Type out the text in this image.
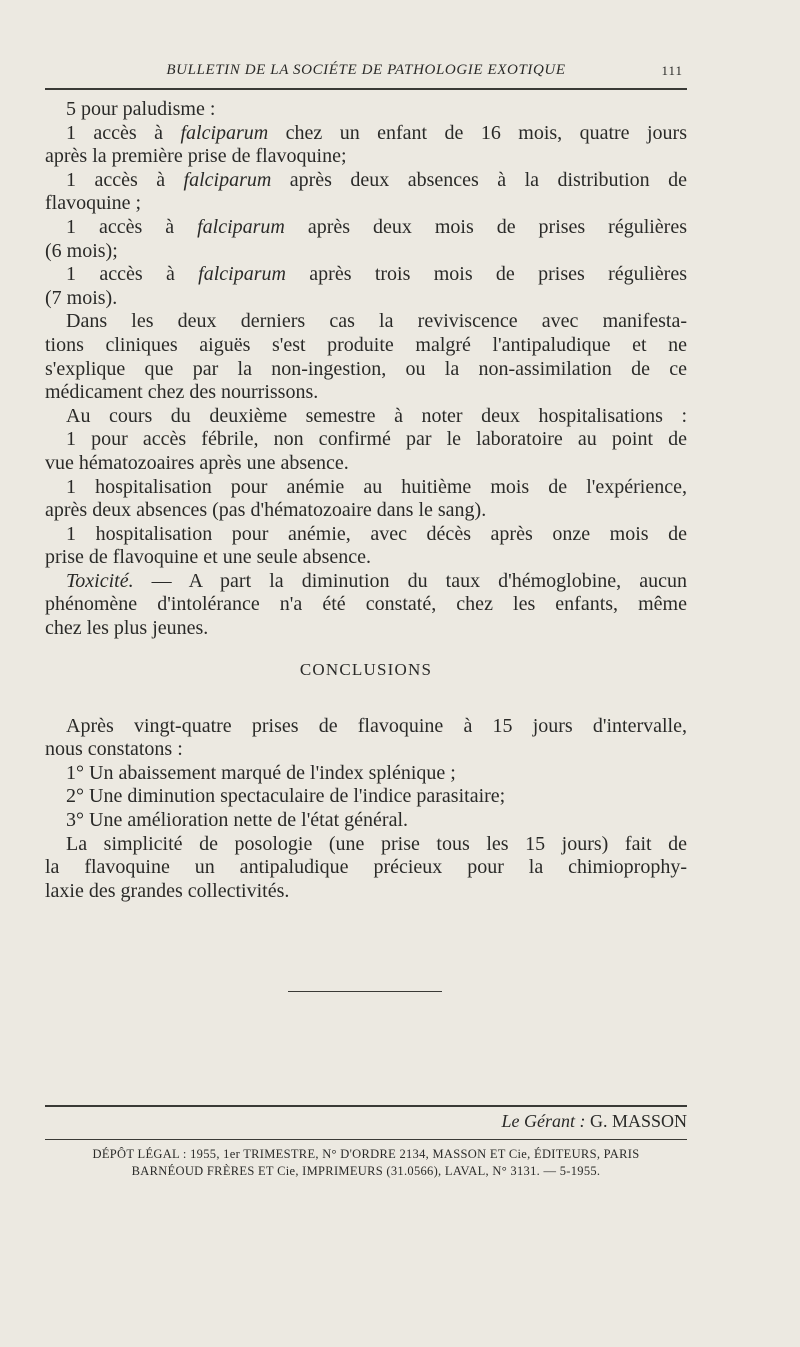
BULLETIN DE LA SOCIÉTE DE PATHOLOGIE EXOTIQUE	111
5 pour paludisme :
1 accès à falciparum chez un enfant de 16 mois, quatre jours
après la première prise de flavoquine;
1 accès à falciparum après deux absences à la distribution de
flavoquine ;
1 accès à falciparum après deux mois de prises régulières
(6 mois);
1 accès à falciparum après trois mois de prises régulières
(7 mois).
Dans les deux derniers cas la reviviscence avec manifesta-
tions cliniques aiguës s'est produite malgré l'antipaludique et ne
s'explique que par la non-ingestion, ou la non-assimilation de ce
médicament chez des nourrissons.
Au cours du deuxième semestre à noter deux hospitalisations :
1 pour accès fébrile, non confirmé par le laboratoire au point de
vue hématozoaires après une absence.
1 hospitalisation pour anémie au huitième mois de l'expérience,
après deux absences (pas d'hématozoaire dans le sang).
1 hospitalisation pour anémie, avec décès après onze mois de
prise de flavoquine et une seule absence.
Toxicité. — A part la diminution du taux d'hémoglobine, aucun
phénomène d'intolérance n'a été constaté, chez les enfants, même
chez les plus jeunes.
CONCLUSIONS
Après vingt-quatre prises de flavoquine à 15 jours d'intervalle,
nous constatons :
1° Un abaissement marqué de l'index splénique ;
2° Une diminution spectaculaire de l'indice parasitaire;
3° Une amélioration nette de l'état général.
La simplicité de posologie (une prise tous les 15 jours) fait de
la flavoquine un antipaludique précieux pour la chimioprophy-
laxie des grandes collectivités.
Le Gérant : G. MASSON
DÉPÔT LÉGAL : 1955, 1er TRIMESTRE, N° D'ORDRE 2134, MASSON ET Cie, ÉDITEURS, PARIS
BARNÉOUD FRÈRES ET Cie, IMPRIMEURS (31.0566), LAVAL, N° 3131. — 5-1955.
